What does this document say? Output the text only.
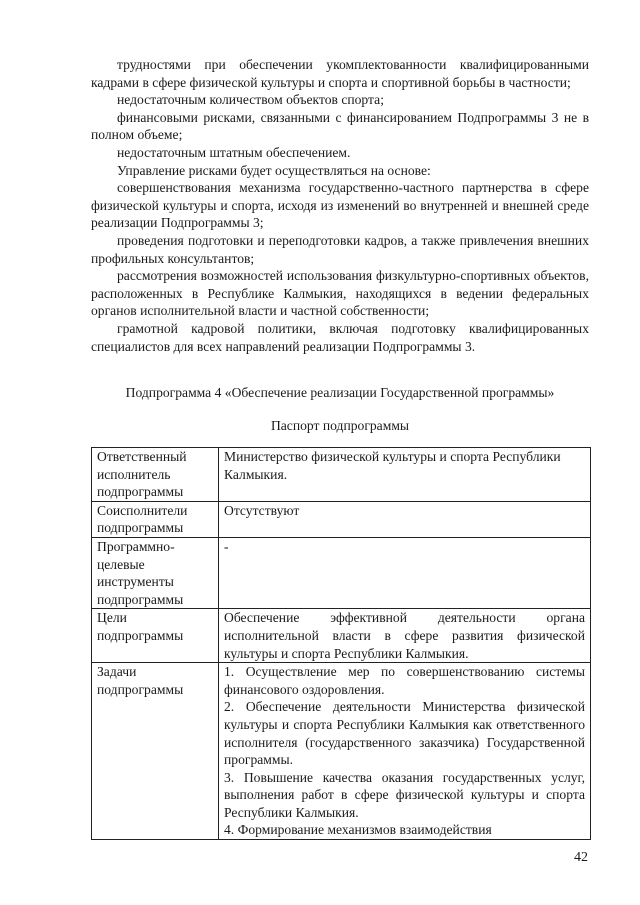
трудностями при обеспечении укомплектованности квалифицированными кадрами в сфере физической культуры и спорта и спортивной борьбы в частности;

недостаточным количеством объектов спорта;

финансовыми рисками, связанными с финансированием Подпрограммы 3 не в полном объеме;

недостаточным штатным обеспечением.

Управление рисками будет осуществляться на основе:

совершенствования механизма государственно-частного партнерства в сфере физической культуры и спорта, исходя из изменений во внутренней и внешней среде реализации Подпрограммы 3;

проведения подготовки и переподготовки кадров, а также привлечения внешних профильных консультантов;

рассмотрения возможностей использования физкультурно-спортивных объектов, расположенных в Республике Калмыкия, находящихся в ведении федеральных органов исполнительной власти и частной собственности;

грамотной кадровой политики, включая подготовку квалифицированных специалистов для всех направлений реализации Подпрограммы 3.

Подпрограмма 4 «Обеспечение реализации Государственной программы»
Паспорт подпрограммы
Ответственный исполнитель подпрограммы	Министерство физической культуры и спорта Республики Калмыкия.

Соисполнители подпрограммы	Отсутствуют

Программно-целевые инструменты подпрограммы	-

Цели подпрограммы	Обеспечение эффективной деятельности органа исполнительной власти в сфере развития физической культуры и спорта Республики Калмыкия.

Задачи подпрограммы	1. Осуществление мер по совершенствованию системы финансового оздоровления.
2. Обеспечение деятельности Министерства физической культуры и спорта Республики Калмыкия как ответственного исполнителя (государственного заказчика) Государственной программы.
3. Повышение качества оказания государственных услуг, выполнения работ в сфере физической культуры и спорта Республики Калмыкия.
4. Формирование механизмов взаимодействия
42
